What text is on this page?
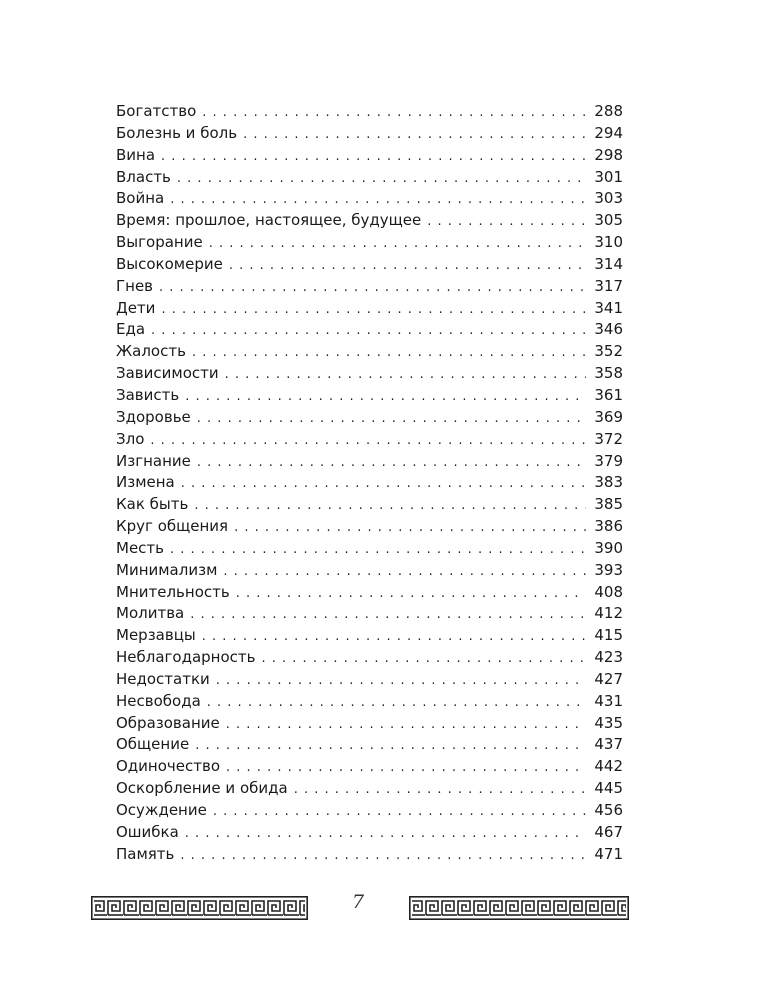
Богатство . . .	288
Болезнь и боль . . .	294
Вина . . .	298
Власть . . .	301
Война . . .	303
Время: прошлое, настоящее, будущее . . .	305
Выгорание . . .	310
Высокомерие . . .	314
Гнев . . .	317
Дети . . .	341
Еда . . .	346
Жалость . . .	352
Зависимости . . .	358
Зависть . . .	361
Здоровье . . .	369
Зло . . .	372
Изгнание . . .	379
Измена . . .	383
Как быть . . .	385
Круг общения . . .	386
Месть . . .	390
Минимализм . . .	393
Мнительность . . .	408
Молитва . . .	412
Мерзавцы . . .	415
Неблагодарность . . .	423
Недостатки . . .	427
Несвобода . . .	431
Образование . . .	435
Общение . . .	437
Одиночество . . .	442
Оскорбление и обида . . .	445
Осуждение . . .	456
Ошибка . . .	467
Память . . .	471
7
